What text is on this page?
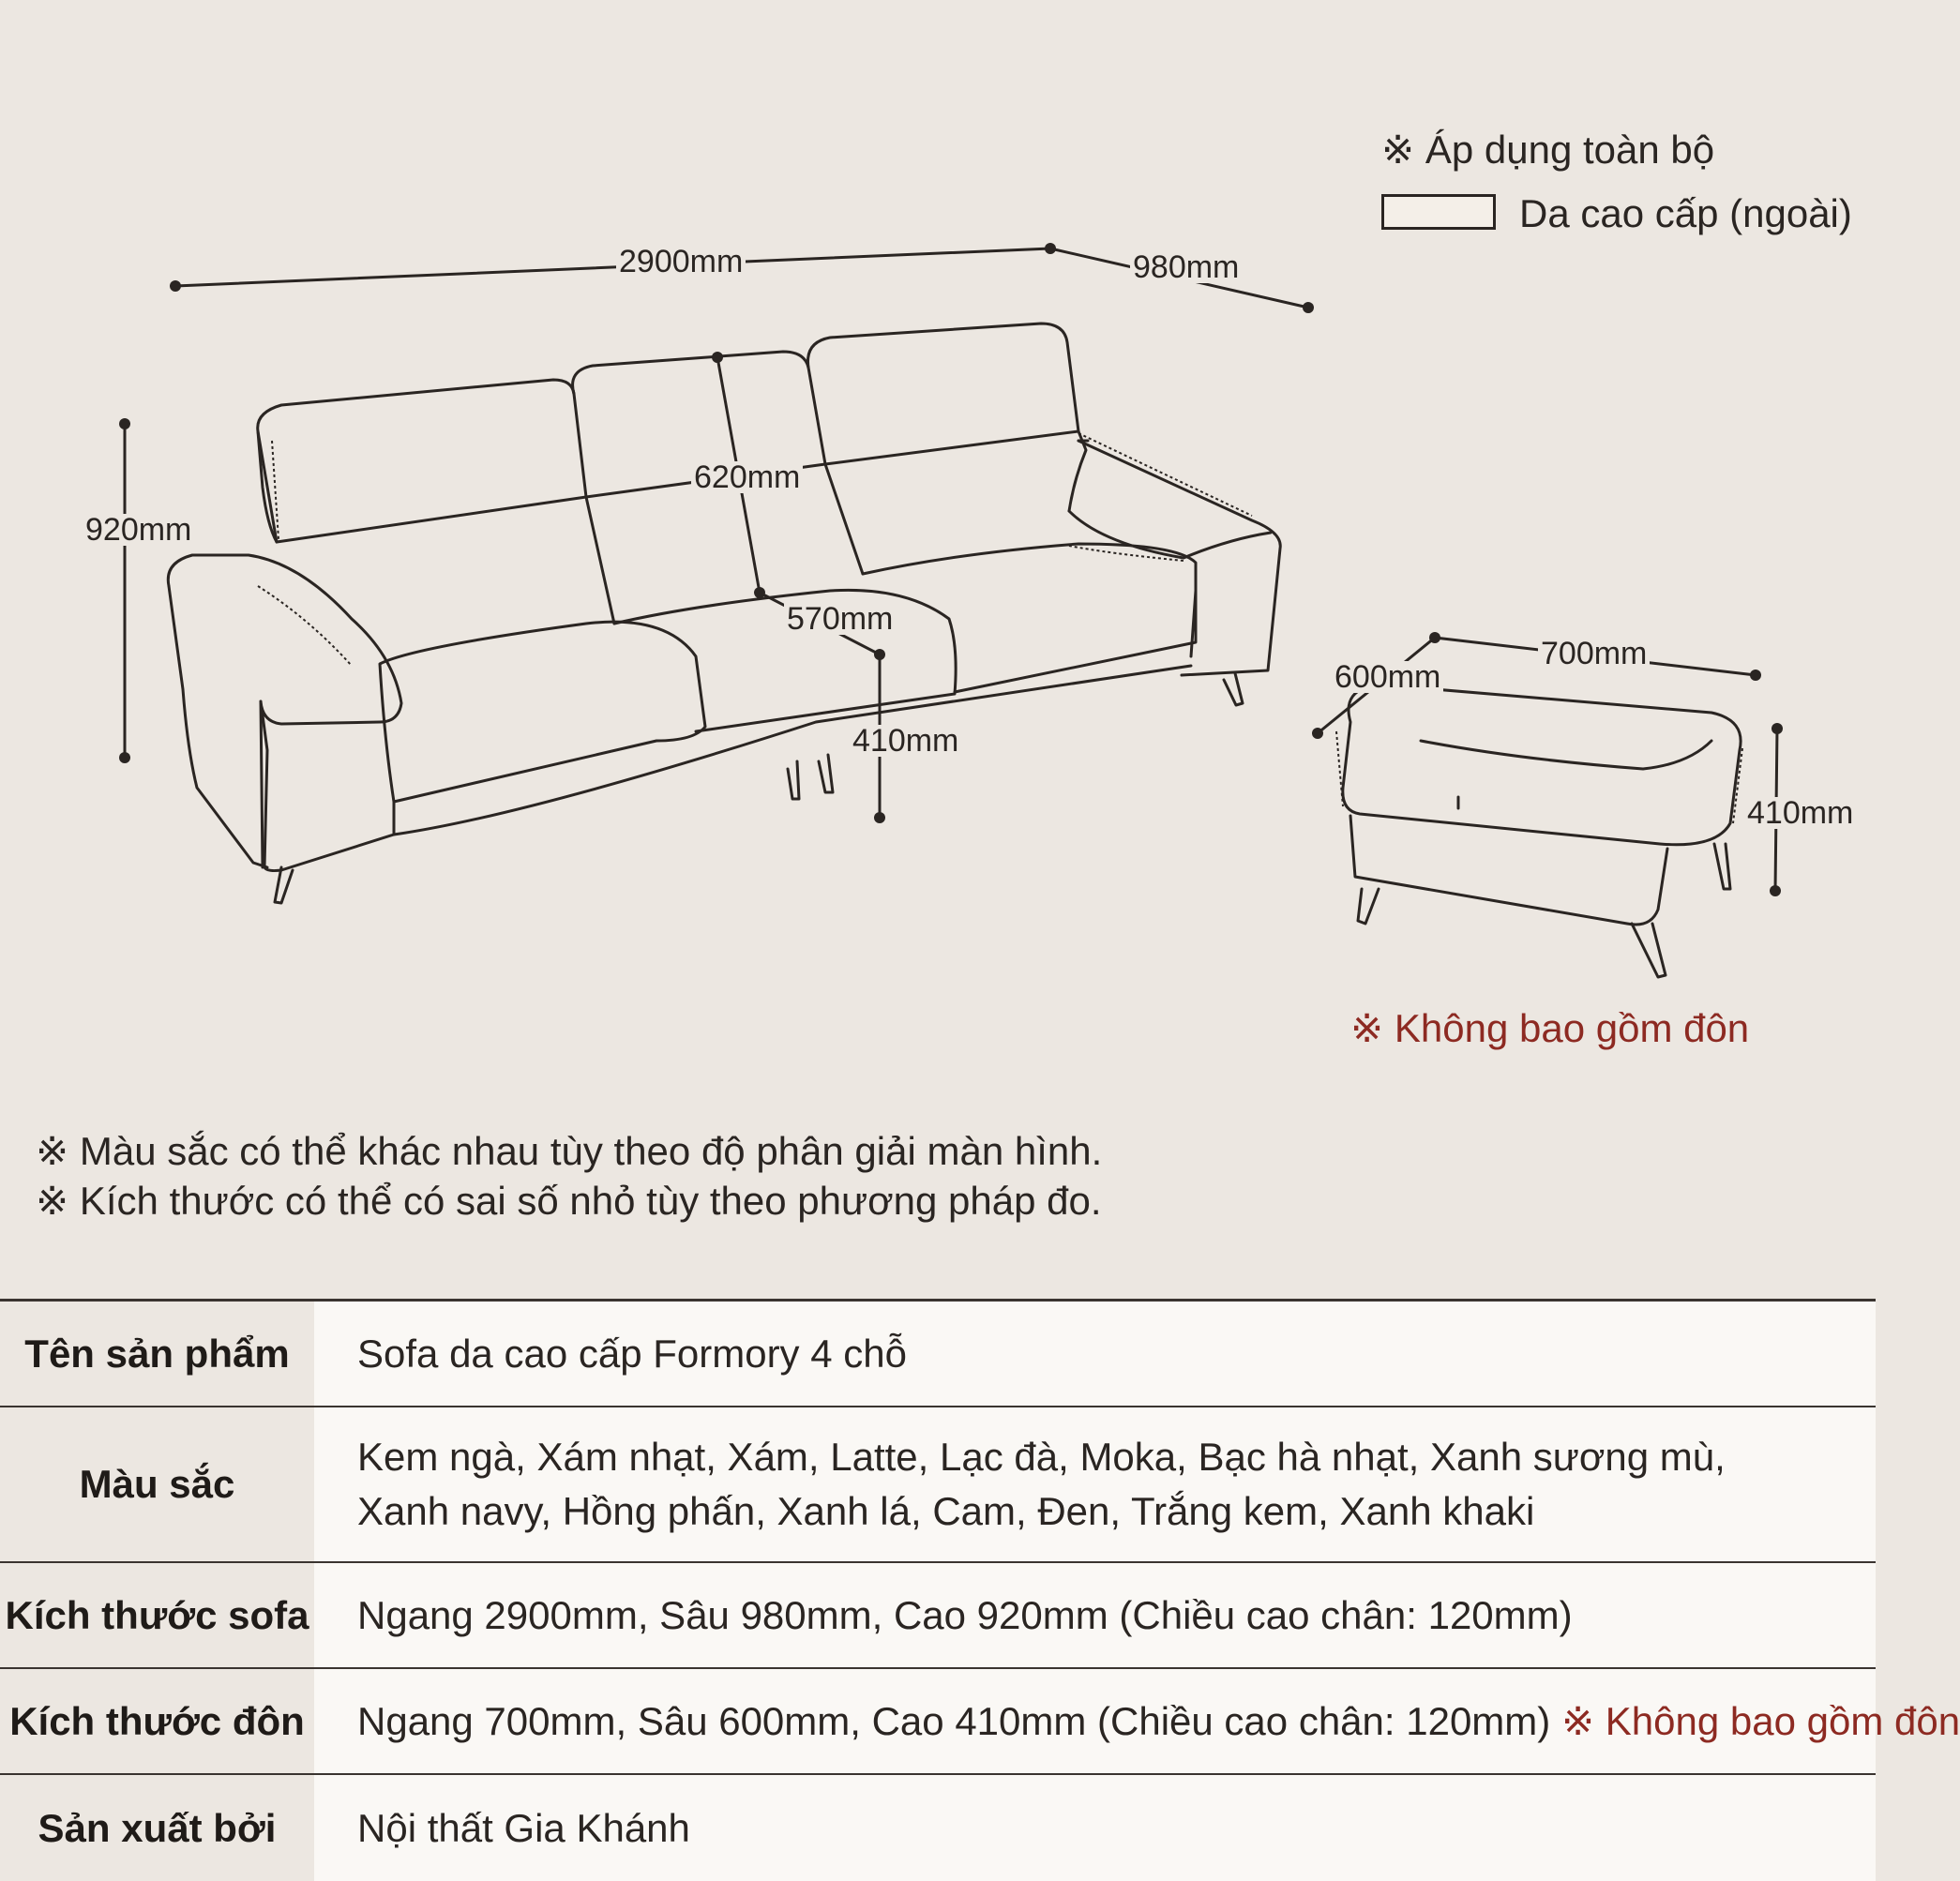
2900mm	980mm
920mm
620mm
570mm
410mm
700mm
600mm
410mm
※ Áp dụng toàn bộ
Da cao cấp (ngoài)
※ Không bao gồm đôn
※ Màu sắc có thể khác nhau tùy theo độ phân giải màn hình.
※ Kích thước có thể có sai số nhỏ tùy theo phương pháp đo.
Tên sản phẩm	Sofa da cao cấp Formory 4 chỗ
Màu sắc	Kem ngà, Xám nhạt, Xám, Latte, Lạc đà, Moka, Bạc hà nhạt, Xanh sương mù,
Xanh navy, Hồng phấn, Xanh lá, Cam, Đen, Trắng kem, Xanh khaki

Kích thước sofa	Ngang 2900mm, Sâu 980mm, Cao 920mm (Chiều cao chân: 120mm)
Kích thước đôn	Ngang 700mm, Sâu 600mm, Cao 410mm (Chiều cao chân: 120mm) ※ Không bao gồm đôn
Sản xuất bởi	Nội thất Gia Khánh
